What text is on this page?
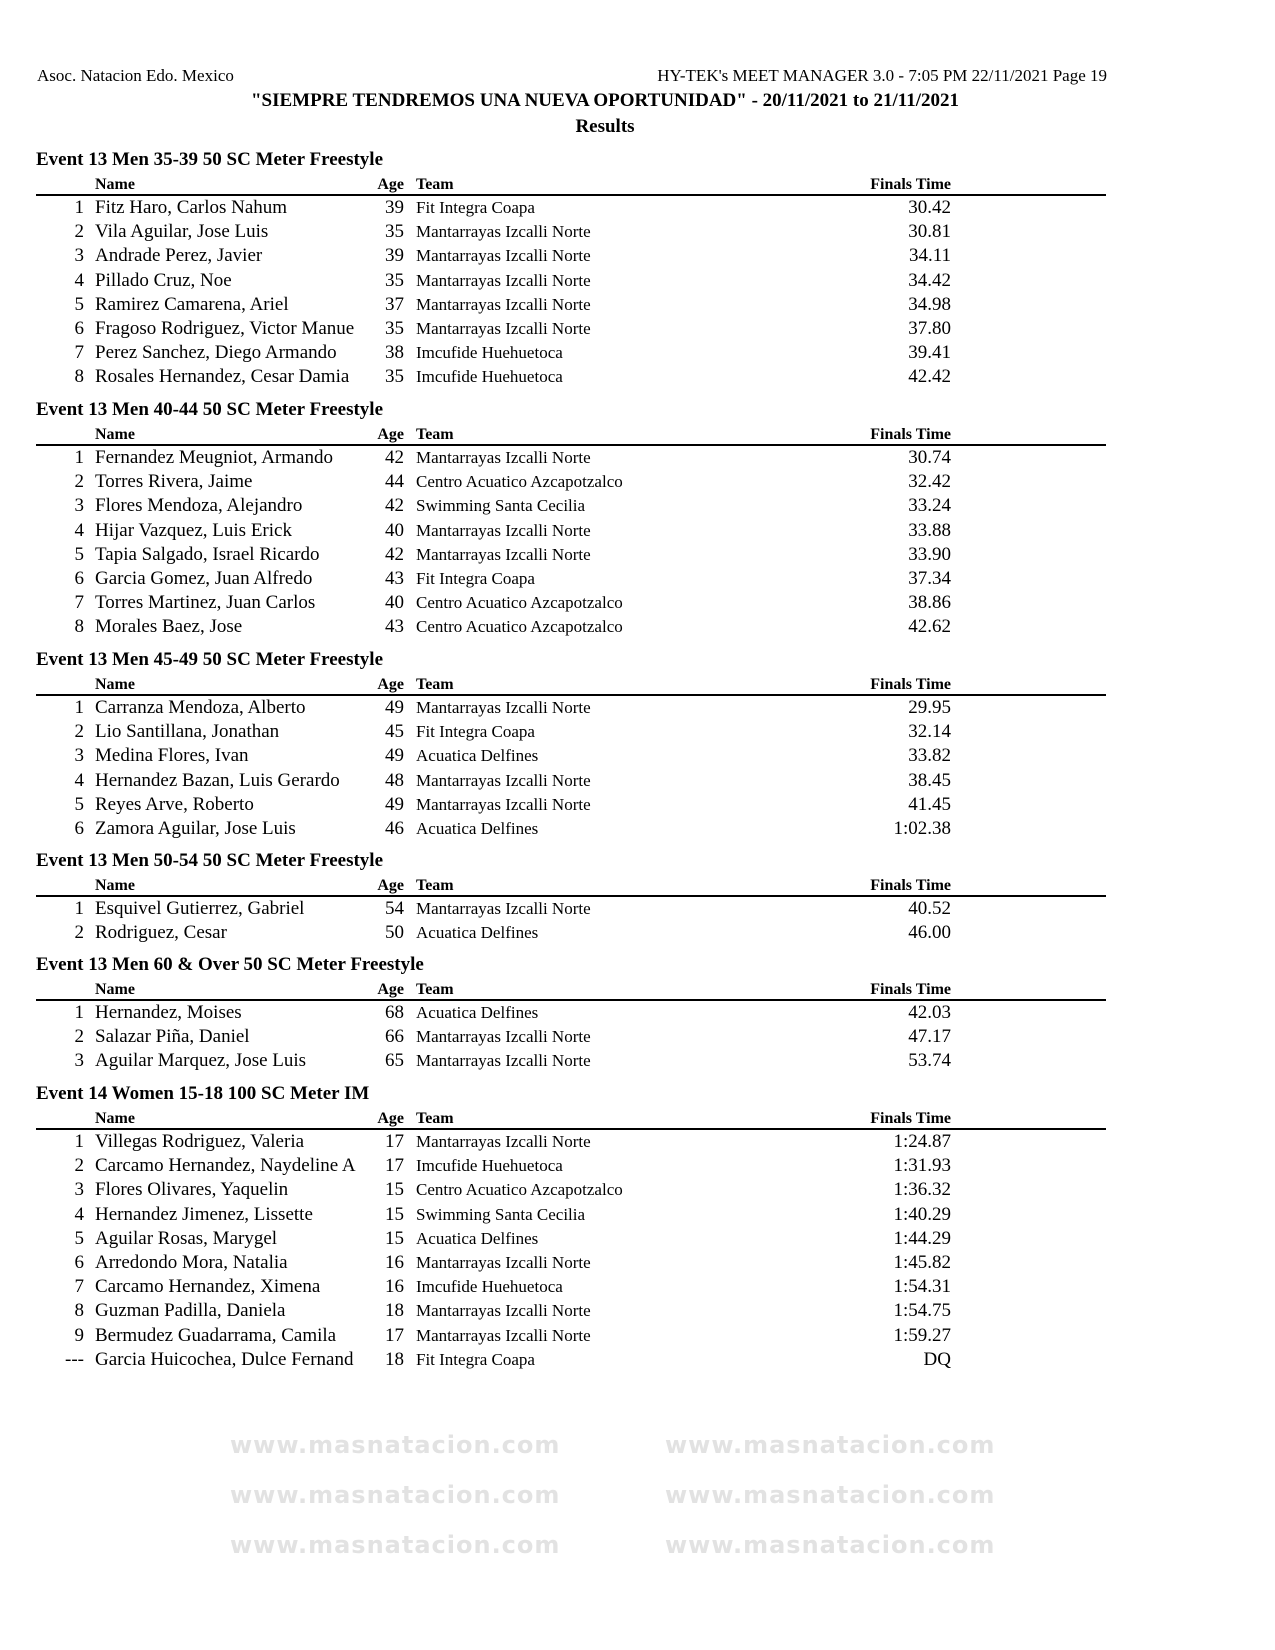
Asoc. Natacion Edo. Mexico	HY-TEK's MEET MANAGER 3.0 - 7:05 PM 22/11/2021 Page 19
"SIEMPRE TENDREMOS UNA NUEVA OPORTUNIDAD" - 20/11/2021 to 21/11/2021
Results
www.masnatacion.com	www.masnatacion.com
www.masnatacion.com	www.masnatacion.com
www.masnatacion.com	www.masnatacion.com
Event 13 Men 35-39 50 SC Meter Freestyle
Name	Age Team	Finals Time
1 Fitz Haro, Carlos Nahum	39 Fit Integra Coapa	30.42
2 Vila Aguilar, Jose Luis	35 Mantarrayas Izcalli Norte	30.81
3 Andrade Perez, Javier	39 Mantarrayas Izcalli Norte	34.11
4 Pillado Cruz, Noe	35 Mantarrayas Izcalli Norte	34.42
5 Ramirez Camarena, Ariel	37 Mantarrayas Izcalli Norte	34.98
6 Fragoso Rodriguez, Victor Manue 35 Mantarrayas Izcalli Norte	37.80
7 Perez Sanchez, Diego Armando	38 Imcufide Huehuetoca	39.41
8 Rosales Hernandez, Cesar Damia	35 Imcufide Huehuetoca	42.42
Event 13 Men 40-44 50 SC Meter Freestyle
Name	Age Team	Finals Time
1 Fernandez Meugniot, Armando	42 Mantarrayas Izcalli Norte	30.74
2 Torres Rivera, Jaime	44 Centro Acuatico Azcapotzalco	32.42
3 Flores Mendoza, Alejandro	42 Swimming Santa Cecilia	33.24
4 Hijar Vazquez, Luis Erick	40 Mantarrayas Izcalli Norte	33.88
5 Tapia Salgado, Israel Ricardo	42 Mantarrayas Izcalli Norte	33.90
6 Garcia Gomez, Juan Alfredo	43 Fit Integra Coapa	37.34
7 Torres Martinez, Juan Carlos	40 Centro Acuatico Azcapotzalco	38.86
8 Morales Baez, Jose	43 Centro Acuatico Azcapotzalco	42.62
Event 13 Men 45-49 50 SC Meter Freestyle
Name	Age Team	Finals Time
1 Carranza Mendoza, Alberto	49 Mantarrayas Izcalli Norte	29.95
2 Lio Santillana, Jonathan	45 Fit Integra Coapa	32.14
3 Medina Flores, Ivan	49 Acuatica Delfines	33.82
4 Hernandez Bazan, Luis Gerardo	48 Mantarrayas Izcalli Norte	38.45
5 Reyes Arve, Roberto	49 Mantarrayas Izcalli Norte	41.45
6 Zamora Aguilar, Jose Luis	46 Acuatica Delfines	1:02.38
Event 13 Men 50-54 50 SC Meter Freestyle
Name	Age Team	Finals Time
1 Esquivel Gutierrez, Gabriel	54 Mantarrayas Izcalli Norte	40.52
2 Rodriguez, Cesar	50 Acuatica Delfines	46.00
Event 13 Men 60 & Over 50 SC Meter Freestyle
Name	Age Team	Finals Time
1 Hernandez, Moises	68 Acuatica Delfines	42.03
2 Salazar Piña, Daniel	66 Mantarrayas Izcalli Norte	47.17
3 Aguilar Marquez, Jose Luis	65 Mantarrayas Izcalli Norte	53.74
Event 14 Women 15-18 100 SC Meter IM
Name	Age Team	Finals Time
1 Villegas Rodriguez, Valeria	17 Mantarrayas Izcalli Norte	1:24.87
2 Carcamo Hernandez, Naydeline A 17 Imcufide Huehuetoca	1:31.93
3 Flores Olivares, Yaquelin	15 Centro Acuatico Azcapotzalco	1:36.32
4 Hernandez Jimenez, Lissette	15 Swimming Santa Cecilia	1:40.29
5 Aguilar Rosas, Marygel	15 Acuatica Delfines	1:44.29
6 Arredondo Mora, Natalia	16 Mantarrayas Izcalli Norte	1:45.82
7 Carcamo Hernandez, Ximena	16 Imcufide Huehuetoca	1:54.31
8 Guzman Padilla, Daniela	18 Mantarrayas Izcalli Norte	1:54.75
9 Bermudez Guadarrama, Camila	17 Mantarrayas Izcalli Norte	1:59.27
--- Garcia Huicochea, Dulce Fernand 18 Fit Integra Coapa	DQ
